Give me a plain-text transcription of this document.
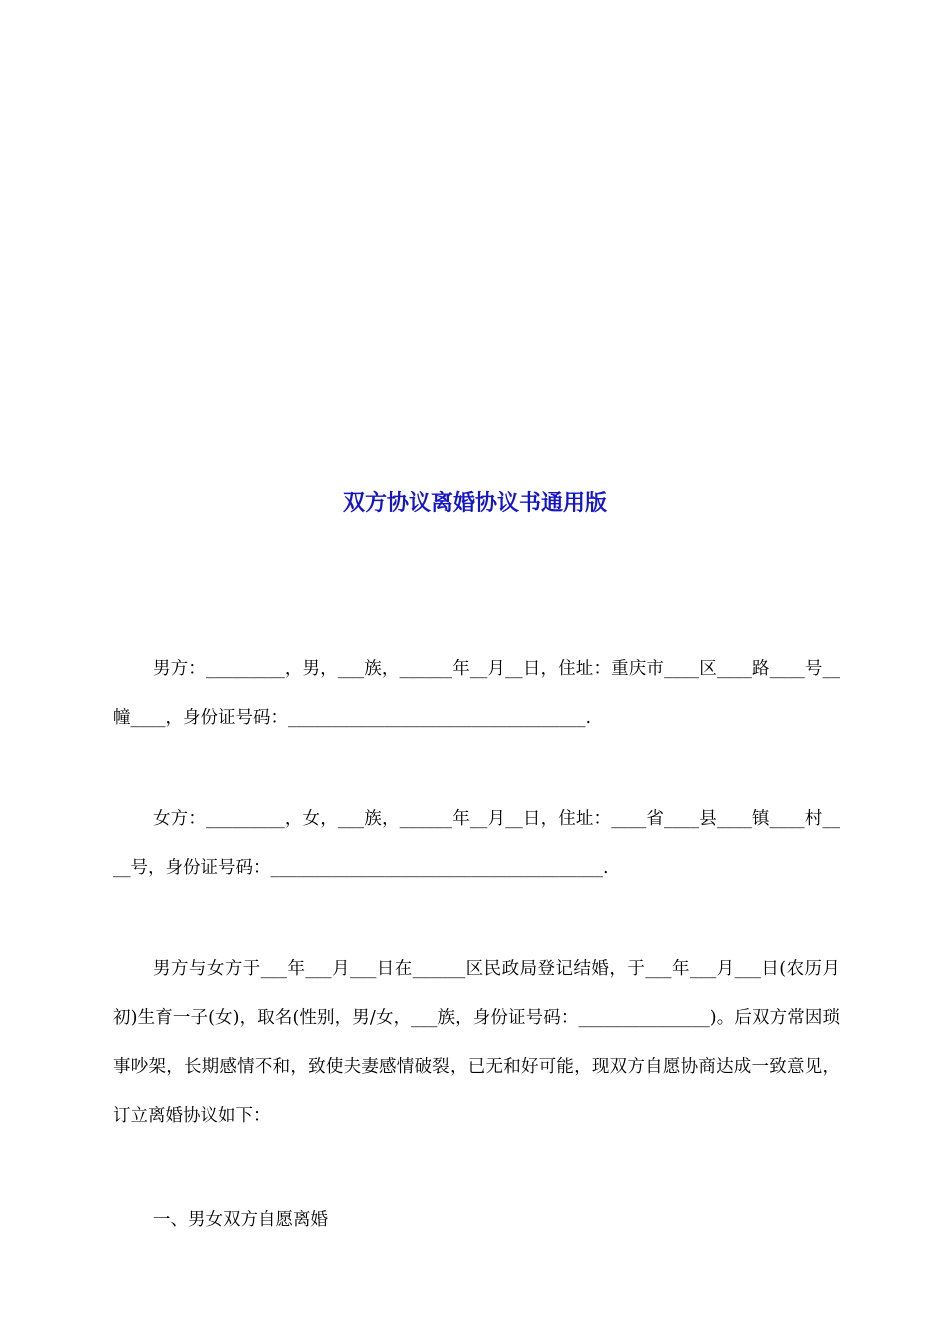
双方协议离婚协议书通用版
男方：_________，男，___族，______年__月__日，住址：重庆市____区____路____号__幢____，身份证号码：__________________________________.
女方：_________，女，___族，______年__月__日，住址：____省____县____镇____村____号，身份证号码：______________________________________.
男方与女方于___年___月___日在______区民政局登记结婚，于___年___月___日(农历月初)生育一子(女)，取名(性别，男/女，___族，身份证号码：_______________)。后双方常因琐事吵架，长期感情不和，致使夫妻感情破裂，已无和好可能，现双方自愿协商达成一致意见，订立离婚协议如下：
一、男女双方自愿离婚
